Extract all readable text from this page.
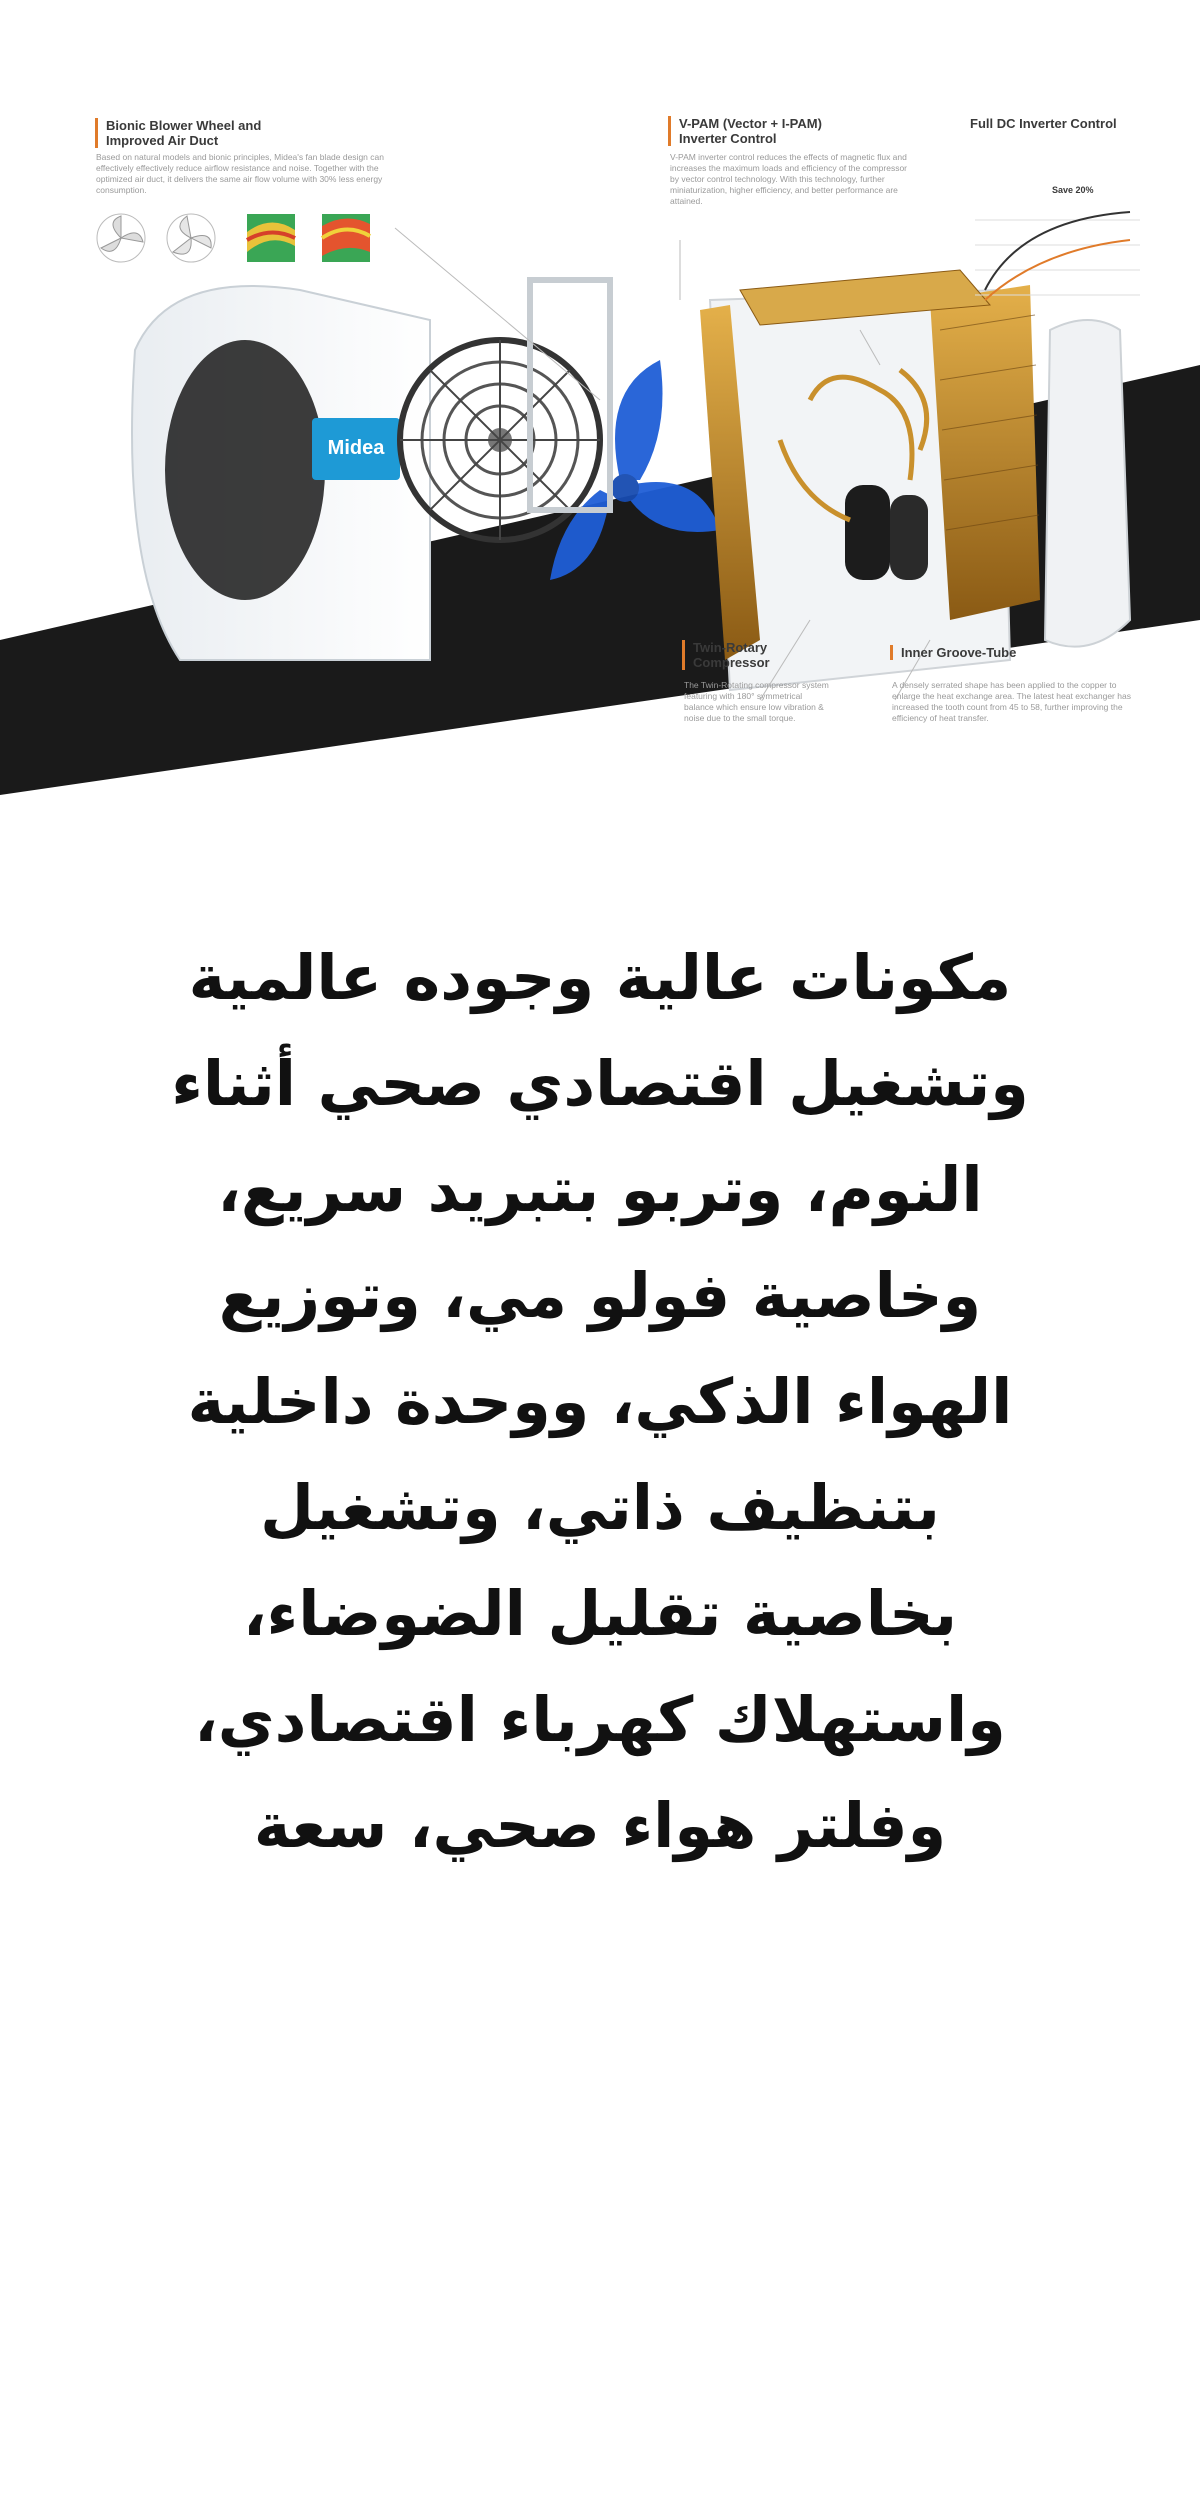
Bionic Blower Wheel and
Improved Air Duct
Based on natural models and bionic principles, Midea's fan blade design can effectively effectively reduce airflow resistance and noise. Together with the optimized air duct, it delivers the same air flow volume with 30% less energy consumption.
V-PAM (Vector + I-PAM)
Inverter Control
V-PAM inverter control reduces the effects of magnetic flux and increases the maximum loads and efficiency of the compressor by vector control technology. With this technology, further miniaturization, higher efficiency, and better performance are attained.
Full DC Inverter Control
Save 20%
Twin-Rotary
Compressor
The Twin-Rotating compressor system featuring with 180° symmetrical balance which ensure low vibration & noise due to the small torque.
Inner Groove-Tube
A densely serrated shape has been applied to the copper to enlarge the heat exchange area. The latest heat exchanger has increased the tooth count from 45 to 58, further improving the efficiency of heat transfer.
Midea
مكونات عالية وجوده عالمية
وتشغيل اقتصادي صحي أثناء
النوم، وتربو بتبريد سريع،
وخاصية فولو مي، وتوزيع
الهواء الذكي، ووحدة داخلية
بتنظيف ذاتي، وتشغيل
بخاصية تقليل الضوضاء،
واستهلاك كهرباء اقتصادي،
وفلتر هواء صحي، سعة
